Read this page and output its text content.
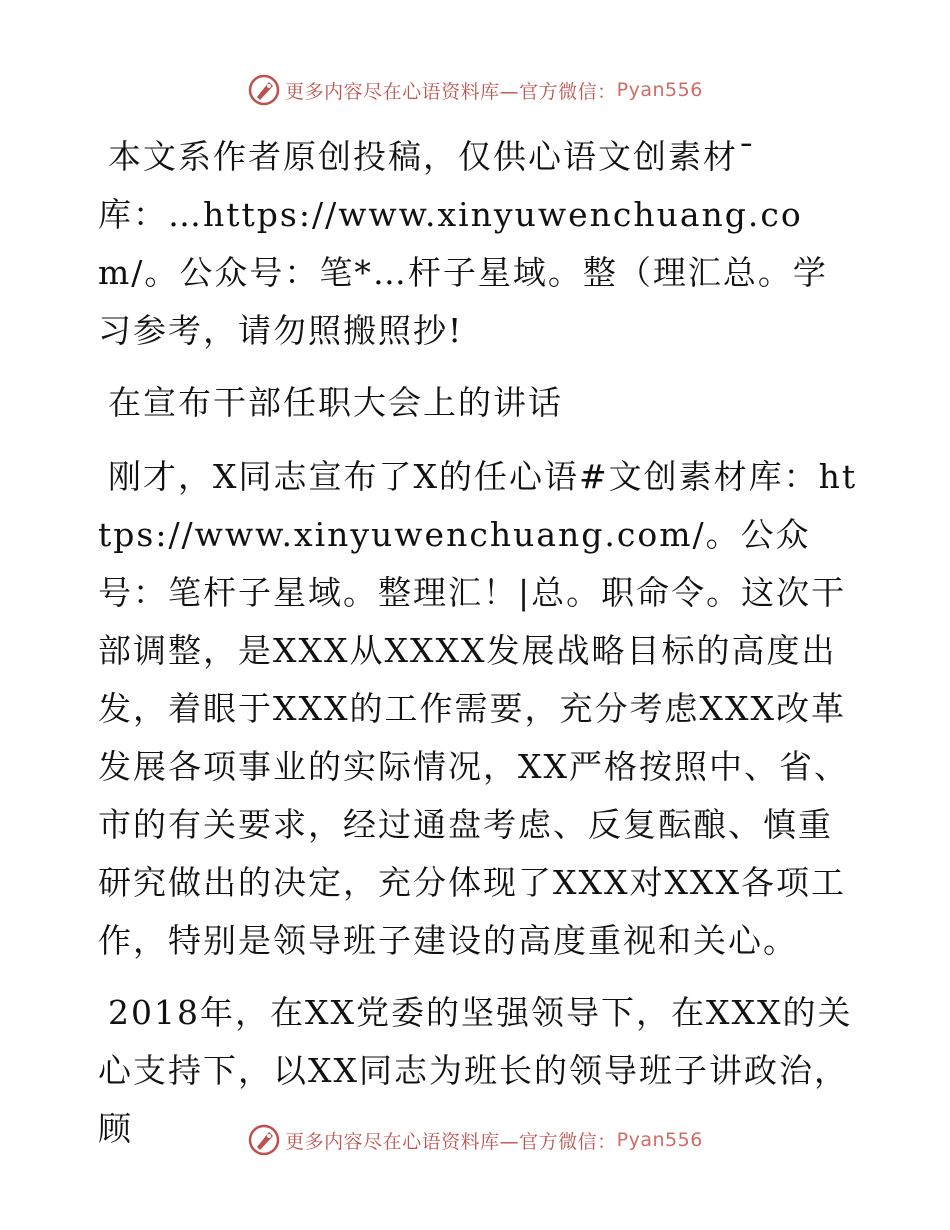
更多内容尽在心语资料库—官方微信： Pyan556

本文系作者原创投稿，仅供心语文创素材¯库：…https://www.xinyuwenchuang.com/。公众号：笔*…杆子星域。整（理汇总。学习参考，请勿照搬照抄!

在宣布干部任职大会上的讲话

刚才，X同志宣布了X的任心语#文创素材库：https://www.xinyuwenchuang.com/。公众号：笔杆子星域。整理汇！|总。职命令。这次干部调整，是XXX从XXXX发展战略目标的高度出发，着眼于XXX的工作需要，充分考虑XXX改革发展各项事业的实际情况，XX严格按照中、省、市的有关要求，经过通盘考虑、反复酝酿、慎重研究做出的决定，充分体现了XXX对XXX各项工作，特别是领导班子建设的高度重视和关心。

2018年，在XX党委的坚强领导下，在XXX的关心支持下，以XX同志为班长的领导班子讲政治，顾	更多内容尽在心语资料库—官方微信： Pyan556
